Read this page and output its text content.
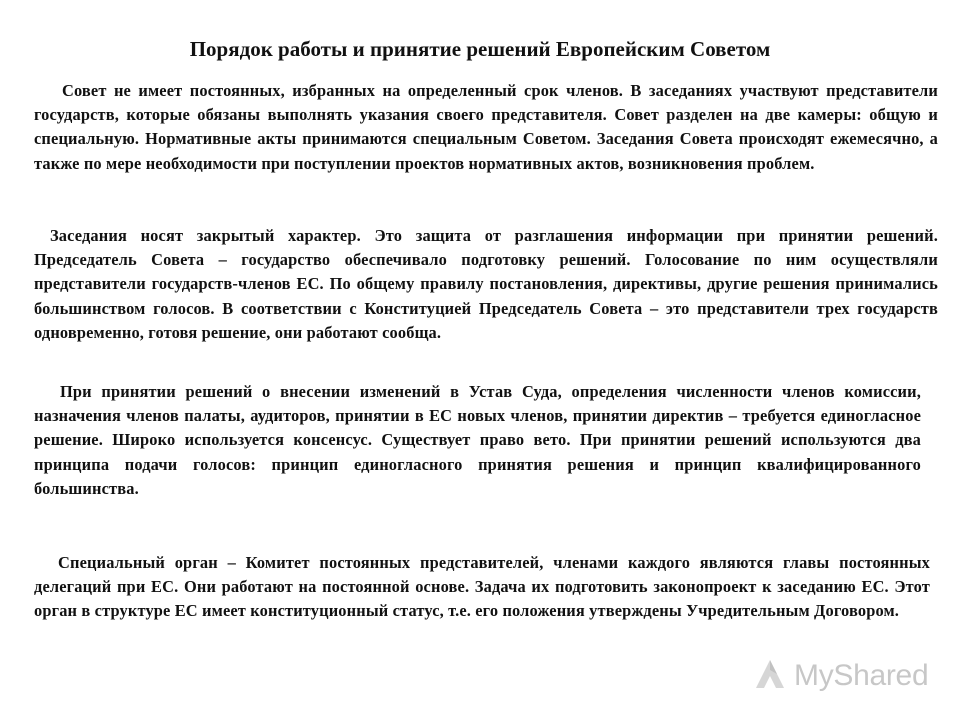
Порядок работы и принятие решений Европейским Советом

Совет не имеет постоянных, избранных на определенный срок членов. В заседаниях участвуют представители государств, которые обязаны выполнять указания своего представителя. Совет разделен на две камеры: общую и специальную. Нормативные акты принимаются специальным Советом. Заседания Совета происходят ежемесячно, а также по мере необходимости при поступлении проектов нормативных актов, возникновения проблем.

Заседания носят закрытый характер. Это защита от разглашения информации при принятии решений. Председатель Совета – государство обеспечивало подготовку решений. Голосование по ним осуществляли представители государств-членов ЕС. По общему правилу постановления, директивы, другие решения принимались большинством голосов. В соответствии с Конституцией Председатель Совета – это представители трех государств одновременно, готовя решение, они работают сообща.

При принятии решений о внесении изменений в Устав Суда, определения численности членов комиссии, назначения членов палаты, аудиторов, принятии в ЕС новых членов, принятии директив – требуется единогласное решение. Широко используется консенсус. Существует право вето. При принятии решений используются два принципа подачи голосов: принцип единогласного принятия решения и принцип квалифицированного большинства.

Специальный орган – Комитет постоянных представителей, членами каждого являются главы постоянных делегаций при ЕС. Они работают на постоянной основе. Задача их подготовить законопроект к заседанию ЕС. Этот орган в структуре ЕС имеет конституционный статус, т.е. его положения утверждены Учредительным Договором.

MyShared
